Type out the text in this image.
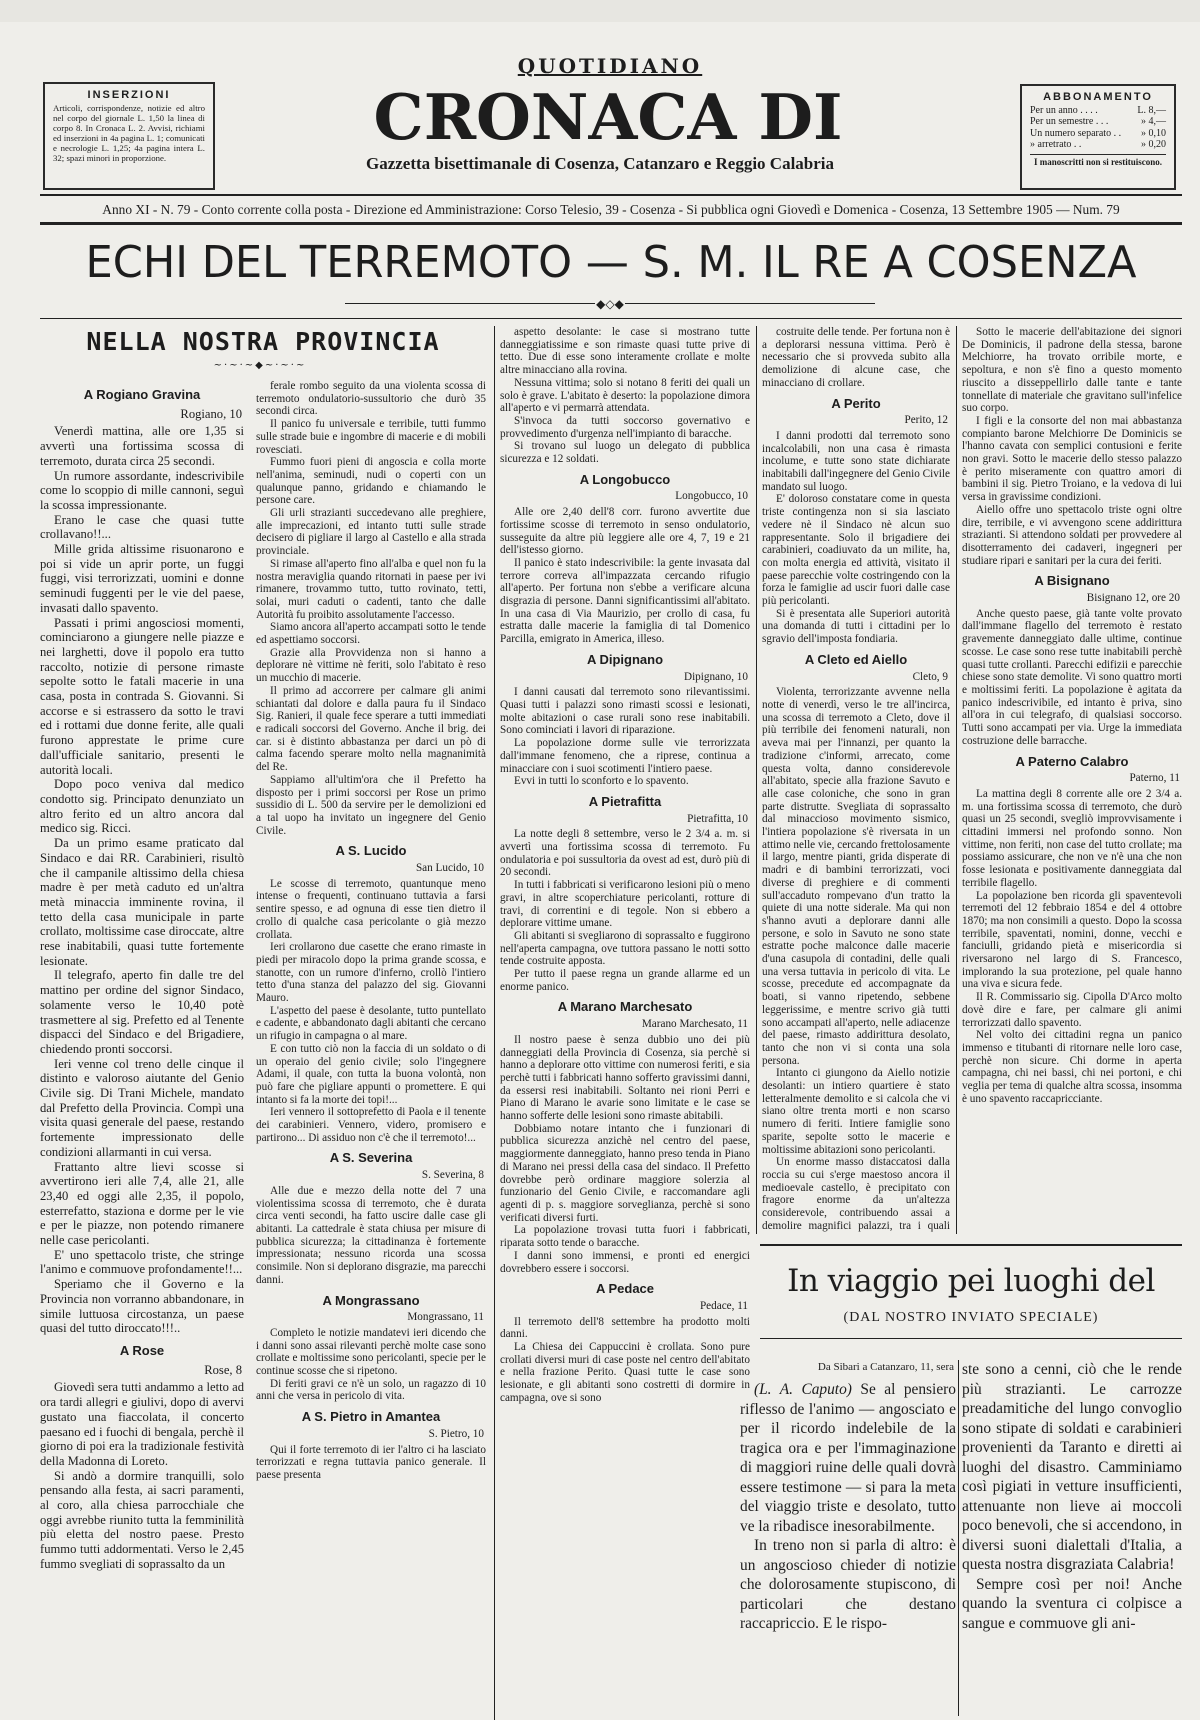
INSERZIONI
Articoli, corrispondenze, notizie ed altro nel corpo del giornale L. 1,50 la linea di corpo 8. In Cronaca L. 2. Avvisi, richiami ed inserzioni in 4a pagina L. 1; comunicati e necrologie L. 1,25; 4a pagina intera L. 32; spazi minori in proporzione.
QUOTIDIANO
CRONACA DI
Gazzetta bisettimanale di Cosenza, Catanzaro e Reggio Calabria
ABBONAMENTO
Per un anno . . . .	L. 8,—
Per un semestre . . .	» 4,—
Un numero separato . . » 0,10
» arretrato . .	» 0,20
I manoscritti non si restituiscono.
Anno XI - N. 79 - Conto corrente colla posta - Direzione ed Amministrazione: Corso Telesio, 39 - Cosenza - Si pubblica ogni Giovedì e Domenica - Cosenza, 13 Settembre 1905 — Num. 79
ECHI DEL TERREMOTO — S. M. IL RE A COSENZA
◆◇◆
NELLA NOSTRA PROVINCIA
~·~·~◆~·~·~
A Rogiano Gravina
Rogiano, 10

Venerdì mattina, alle ore 1,35 si avvertì una fortissima scossa di terremoto, durata circa 25 secondi.

Un rumore assordante, indescrivibile come lo scoppio di mille cannoni, seguì la scossa impressionante.

Erano le case che quasi tutte crollavano!!...

Mille grida altissime risuonarono e poi si vide un aprir porte, un fuggi fuggi, visi terrorizzati, uomini e donne seminudi fuggenti per le vie del paese, invasati dallo spavento.

Passati i primi angosciosi momenti, cominciarono a giungere nelle piazze e nei larghetti, dove il popolo era tutto raccolto, notizie di persone rimaste sepolte sotto le fatali macerie in una casa, posta in contrada S. Giovanni. Si accorse e si estrassero da sotto le travi ed i rottami due donne ferite, alle quali furono apprestate le prime cure dall'ufficiale sanitario, presenti le autorità locali.

Dopo poco veniva dal medico condotto sig. Principato denunziato un altro ferito ed un altro ancora dal medico sig. Ricci.

Da un primo esame praticato dal Sindaco e dai RR. Carabinieri, risultò che il campanile altissimo della chiesa madre è per metà caduto ed un'altra metà minaccia imminente rovina, il tetto della casa municipale in parte crollato, moltissime case diroccate, altre rese inabitabili, quasi tutte fortemente lesionate.

Il telegrafo, aperto fin dalle tre del mattino per ordine del signor Sindaco, solamente verso le 10,40 potè trasmettere al sig. Prefetto ed al Tenente dispacci del Sindaco e del Brigadiere, chiedendo pronti soccorsi.

Ieri venne col treno delle cinque il distinto e valoroso aiutante del Genio Civile sig. Di Trani Michele, mandato dal Prefetto della Provincia. Compì una visita quasi generale del paese, restando fortemente impressionato delle condizioni allarmanti in cui versa.

Frattanto altre lievi scosse si avvertirono ieri alle 7,4, alle 21, alle 23,40 ed oggi alle 2,35, il popolo, esterrefatto, staziona e dorme per le vie e per le piazze, non potendo rimanere nelle case pericolanti.

E' uno spettacolo triste, che stringe l'animo e commuove profondamente!!...

Speriamo che il Governo e la Provincia non vorranno abbandonare, in simile luttuosa circostanza, un paese quasi del tutto diroccato!!!..

A Rose
Rose, 8

Giovedì sera tutti andammo a letto ad ora tardi allegri e giulivi, dopo di avervi gustato una fiaccolata, il concerto paesano ed i fuochi di bengala, perchè il giorno di poi era la tradizionale festività della Madonna di Loreto.

Si andò a dormire tranquilli, solo pensando alla festa, ai sacri paramenti, al coro, alla chiesa parrocchiale che oggi avrebbe riunito tutta la femminilità più eletta del nostro paese. Presto fummo tutti addormentati. Verso le 2,45 fummo svegliati di soprassalto da un

ferale rombo seguito da una violenta scossa di terremoto ondulatorio-sussultorio che durò 35 secondi circa.

Il panico fu universale e terribile, tutti fummo sulle strade buie e ingombre di macerie e di mobili rovesciati.

Fummo fuori pieni di angoscia e colla morte nell'anima, seminudi, nudi o coperti con un qualunque panno, gridando e chiamando le persone care.

Gli urli strazianti succedevano alle preghiere, alle imprecazioni, ed intanto tutti sulle strade decisero di pigliare il largo al Castello e alla strada provinciale.

Si rimase all'aperto fino all'alba e quel non fu la nostra meraviglia quando ritornati in paese per ivi rimanere, trovammo tutto, tutto rovinato, tetti, solai, muri caduti o cadenti, tanto che dalle Autorità fu proibito assolutamente l'accesso.

Siamo ancora all'aperto accampati sotto le tende ed aspettiamo soccorsi.

Grazie alla Provvidenza non si hanno a deplorare nè vittime nè feriti, solo l'abitato è reso un mucchio di macerie.

Il primo ad accorrere per calmare gli animi schiantati dal dolore e dalla paura fu il Sindaco Sig. Ranieri, il quale fece sperare a tutti immediati e radicali soccorsi del Governo. Anche il brig. dei car. si è distinto abbastanza per darci un pò di calma facendo sperare molto nella magnanimità del Re.

Sappiamo all'ultim'ora che il Prefetto ha disposto per i primi soccorsi per Rose un primo sussidio di L. 500 da servire per le demolizioni ed a tal uopo ha invitato un ingegnere del Genio Civile.

A S. Lucido
San Lucido, 10

Le scosse di terremoto, quantunque meno intense o frequenti, continuano tuttavia a farsi sentire spesso, e ad ognuna di esse tien dietro il crollo di qualche casa pericolante o già mezzo crollata.

Ieri crollarono due casette che erano rimaste in piedi per miracolo dopo la prima grande scossa, e stanotte, con un rumore d'inferno, crollò l'intiero tetto d'una stanza del palazzo del sig. Giovanni Mauro.

L'aspetto del paese è desolante, tutto puntellato e cadente, e abbandonato dagli abitanti che cercano un rifugio in campagna o al mare.

E con tutto ciò non la faccia di un soldato o di un operaio del genio civile; solo l'ingegnere Adami, il quale, con tutta la buona volontà, non può fare che pigliare appunti o promettere. E qui intanto si fa la morte dei topi!...

Ieri vennero il sottoprefetto di Paola e il tenente dei carabinieri. Vennero, videro, promisero e partirono... Di assiduo non c'è che il terremoto!...

A S. Severina
S. Severina, 8

Alle due e mezzo della notte del 7 una violentissima scossa di terremoto, che è durata circa venti secondi, ha fatto uscire dalle case gli abitanti. La cattedrale è stata chiusa per misure di pubblica sicurezza; la cittadinanza è fortemente impressionata; nessuno ricorda una scossa consimile. Non si deplorano disgrazie, ma parecchi danni.

A Mongrassano
Mongrassano, 11

Completo le notizie mandatevi ieri dicendo che i danni sono assai rilevanti perchè molte case sono crollate e moltissime sono pericolanti, specie per le continue scosse che si ripetono.

Di feriti gravi ce n'è un solo, un ragazzo di 10 anni che versa in pericolo di vita.

A S. Pietro in Amantea
S. Pietro, 10

Qui il forte terremoto di ier l'altro ci ha lasciato terrorizzati e regna tuttavia panico generale. Il paese presenta

aspetto desolante: le case si mostrano tutte danneggiatissime e son rimaste quasi tutte prive di tetto. Due di esse sono interamente crollate e molte altre minacciano alla rovina.

Nessuna vittima; solo si notano 8 feriti dei quali un solo è grave. L'abitato è deserto: la popolazione dimora all'aperto e vi permarrà attendata.

S'invoca da tutti soccorso governativo e provvedimento d'urgenza nell'impianto di baracche.

Si trovano sul luogo un delegato di pubblica sicurezza e 12 soldati.

A Longobucco
Longobucco, 10

Alle ore 2,40 dell'8 corr. furono avvertite due fortissime scosse di terremoto in senso ondulatorio, susseguite da altre più leggiere alle ore 4, 7, 19 e 21 dell'istesso giorno.

Il panico è stato indescrivibile: la gente invasata dal terrore correva all'impazzata cercando rifugio all'aperto. Per fortuna non s'ebbe a verificare alcuna disgrazia di persone. Danni significantissimi all'abitato. In una casa di Via Maurizio, per crollo di casa, fu estratta dalle macerie la famiglia di tal Domenico Parcilla, emigrato in America, illeso.

A Dipignano
Dipignano, 10

I danni causati dal terremoto sono rilevantissimi. Quasi tutti i palazzi sono rimasti scossi e lesionati, molte abitazioni o case rurali sono rese inabitabili. Sono cominciati i lavori di riparazione.

La popolazione dorme sulle vie terrorizzata dall'immane fenomeno, che a riprese, continua a minacciare con i suoi scotimenti l'intiero paese.

Evvi in tutti lo sconforto e lo spavento.

A Pietrafitta
Pietrafitta, 10

La notte degli 8 settembre, verso le 2 3/4 a. m. si avvertì una fortissima scossa di terremoto. Fu ondulatoria e poi sussultoria da ovest ad est, durò più di 20 secondi.

In tutti i fabbricati si verificarono lesioni più o meno gravi, in altre scoperchiature pericolanti, rotture di travi, di correntini e di tegole. Non si ebbero a deplorare vittime umane.

Gli abitanti si svegliarono di soprassalto e fuggirono nell'aperta campagna, ove tuttora passano le notti sotto tende costruite apposta.

Per tutto il paese regna un grande allarme ed un enorme panico.

A Marano Marchesato
Marano Marchesato, 11

Il nostro paese è senza dubbio uno dei più danneggiati della Provincia di Cosenza, sia perchè si hanno a deplorare otto vittime con numerosi feriti, e sia perchè tutti i fabbricati hanno sofferto gravissimi danni, da essersi resi inabitabili. Soltanto nei rioni Perri e Piano di Marano le avarie sono limitate e le case se hanno sofferte delle lesioni sono rimaste abitabili.

Dobbiamo notare intanto che i funzionari di pubblica sicurezza anzichè nel centro del paese, maggiormente danneggiato, hanno preso tenda in Piano di Marano nei pressi della casa del sindaco. Il Prefetto dovrebbe però ordinare maggiore solerzia al funzionario del Genio Civile, e raccomandare agli agenti di p. s. maggiore sorveglianza, perchè si sono verificati diversi furti.

La popolazione trovasi tutta fuori i fabbricati, riparata sotto tende o baracche.

I danni sono immensi, e pronti ed energici dovrebbero essere i soccorsi.

A Pedace
Pedace, 11

Il terremoto dell'8 settembre ha prodotto molti danni.

La Chiesa dei Cappuccini è crollata. Sono pure crollati diversi muri di case poste nel centro dell'abitato e nella frazione Perito. Quasi tutte le case sono lesionate, e gli abitanti sono costretti di dormire in campagna, ove si sono

costruite delle tende. Per fortuna non è a deplorarsi nessuna vittima. Però è necessario che si provveda subito alla demolizione di alcune case, che minacciano di crollare.

A Perito
Perito, 12

I danni prodotti dal terremoto sono incalcolabili, non una casa è rimasta incolume, e tutte sono state dichiarate inabitabili dall'ingegnere del Genio Civile mandato sul luogo.

E' doloroso constatare come in questa triste contingenza non si sia lasciato vedere nè il Sindaco nè alcun suo rappresentante. Solo il brigadiere dei carabinieri, coadiuvato da un milite, ha, con molta energia ed attività, visitato il paese parecchie volte costringendo con la forza le famiglie ad uscir fuori dalle case più pericolanti.

Si è presentata alle Superiori autorità una domanda di tutti i cittadini per lo sgravio dell'imposta fondiaria.

A Cleto ed Aiello
Cleto, 9

Violenta, terrorizzante avvenne nella notte di venerdì, verso le tre all'incirca, una scossa di terremoto a Cleto, dove il più terribile dei fenomeni naturali, non aveva mai per l'innanzi, per quanto la tradizione c'informi, arrecato, come questa volta, danno considerevole all'abitato, specie alla frazione Savuto e alle case coloniche, che sono in gran parte distrutte. Svegliata di soprassalto dal minaccioso movimento sismico, l'intiera popolazione s'è riversata in un attimo nelle vie, cercando frettolosamente il largo, mentre pianti, grida disperate di madri e di bambini terrorizzati, voci diverse di preghiere e di commenti sull'accaduto rompevano d'un tratto la quiete di una notte siderale. Ma qui non s'hanno avuti a deplorare danni alle persone, e solo in Savuto ne sono state estratte poche malconce dalle macerie d'una casupola di contadini, delle quali una versa tuttavia in pericolo di vita. Le scosse, precedute ed accompagnate da boati, si vanno ripetendo, sebbene leggerissime, e mentre scrivo già tutti sono accampati all'aperto, nelle adiacenze del paese, rimasto addirittura desolato, tanto che non vi si conta una sola persona.

Intanto ci giungono da Aiello notizie desolanti: un intiero quartiere è stato letteralmente demolito e si calcola che vi siano oltre trenta morti e non scarso numero di feriti. Intiere famiglie sono sparite, sepolte sotto le macerie e moltissime abitazioni sono pericolanti.

Un enorme masso distaccatosi dalla roccia su cui s'erge maestoso ancora il medioevale castello, è precipitato con fragore enorme da un'altezza considerevole, contribuendo assai a demolire magnifici palazzi, tra i quali

Sotto le macerie dell'abitazione dei signori De Dominicis, il padrone della stessa, barone Melchiorre, ha trovato orribile morte, e sepoltura, e non s'è fino a questo momento riuscito a disseppellirlo dalle tante e tante tonnellate di materiale che gravitano sull'infelice suo corpo.

I figli e la consorte del non mai abbastanza compianto barone Melchiorre De Dominicis se l'hanno cavata con semplici contusioni e ferite non gravi. Sotto le macerie dello stesso palazzo è perito miseramente con quattro amori di bambini il sig. Pietro Troiano, e la vedova di lui versa in gravissime condizioni.

Aiello offre uno spettacolo triste ogni oltre dire, terribile, e vi avvengono scene addirittura strazianti. Si attendono soldati per provvedere al disotterramento dei cadaveri, ingegneri per studiare ripari e sanitari per la cura dei feriti.

A Bisignano
Bisignano 12, ore 20

Anche questo paese, già tante volte provato dall'immane flagello del terremoto è restato gravemente danneggiato dalle ultime, continue scosse. Le case sono rese tutte inabitabili perchè quasi tutte crollanti. Parecchi edifizii e parecchie chiese sono state demolite. Vi sono quattro morti e moltissimi feriti. La popolazione è agitata da panico indescrivibile, ed intanto è priva, sino all'ora in cui telegrafo, di qualsiasi soccorso. Tutti sono accampati per via. Urge la immediata costruzione delle barracche.

A Paterno Calabro
Paterno, 11

La mattina degli 8 corrente alle ore 2 3/4 a. m. una fortissima scossa di terremoto, che durò quasi un 25 secondi, svegliò improvvisamente i cittadini immersi nel profondo sonno. Non vittime, non feriti, non case del tutto crollate; ma possiamo assicurare, che non ve n'è una che non fosse lesionata e positivamente danneggiata dal terribile flagello.

La popolazione ben ricorda gli spaventevoli terremoti del 12 febbraio 1854 e del 4 ottobre 1870; ma non consimili a questo. Dopo la scossa terribile, spaventati, nomini, donne, vecchi e fanciulli, gridando pietà e misericordia si riversarono nel largo di S. Francesco, implorando la sua protezione, pel quale hanno una viva e sicura fede.

Il R. Commissario sig. Cipolla D'Arco molto dovè dire e fare, per calmare gli animi terrorizzati dallo spavento.

Nel volto dei cittadini regna un panico immenso e titubanti di ritornare nelle loro case, perchè non sicure. Chi dorme in aperta campagna, chi nei bassi, chi nei portoni, e chi veglia per tema di qualche altra scossa, insomma è uno spavento raccapricciante.

In viaggio pei luoghi del
(DAL NOSTRO INVIATO SPECIALE)
Da Sibari a Catanzaro, 11, sera

(L. A. Caputo) Se al pensiero riflesso de l'animo — angosciato e per il ricordo indelebile de la tragica ora e per l'immaginazione di maggiori ruine delle quali dovrà essere testimone — si para la meta del viaggio triste e desolato, tutto ve la ribadisce inesorabilmente.

In treno non si parla di altro: è un angoscioso chieder di notizie che dolorosamente stupiscono, di particolari che destano raccapriccio. E le rispo-

ste sono a cenni, ciò che le rende più strazianti. Le carrozze preadamitiche del lungo convoglio sono stipate di soldati e carabinieri provenienti da Taranto e diretti ai luoghi del disastro. Camminiamo così pigiati in vetture insufficienti, attenuante non lieve ai moccoli poco benevoli, che si accendono, in diversi suoni dialettali d'Italia, a questa nostra disgraziata Calabria!

Sempre così per noi! Anche quando la sventura ci colpisce a sangue e commuove gli ani-
